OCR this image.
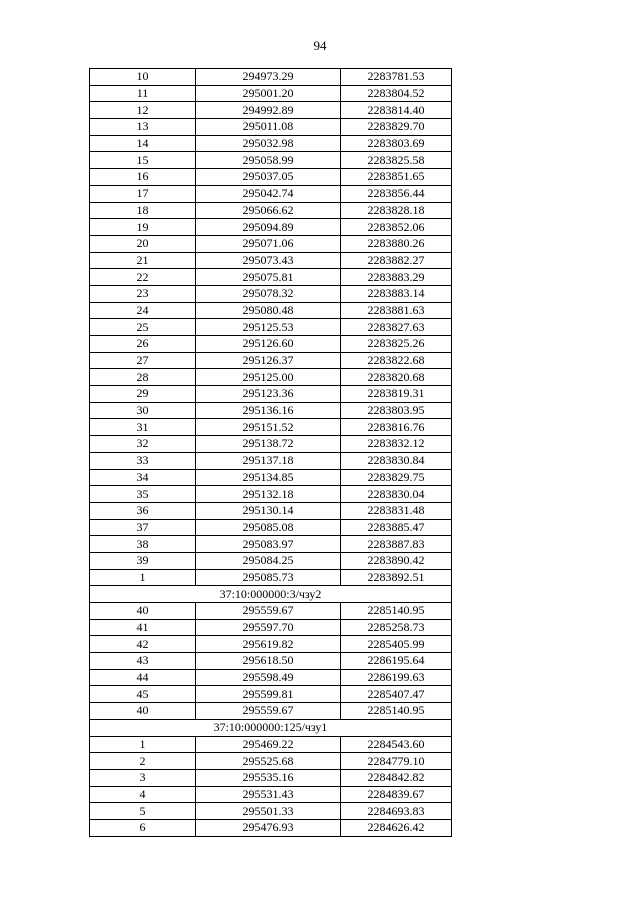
94
10	294973.29	2283781.53
11	295001.20	2283804.52
12	294992.89	2283814.40
13	295011.08	2283829.70
14	295032.98	2283803.69
15	295058.99	2283825.58
16	295037.05	2283851.65
17	295042.74	2283856.44
18	295066.62	2283828.18
19	295094.89	2283852.06
20	295071.06	2283880.26
21	295073.43	2283882.27
22	295075.81	2283883.29
23	295078.32	2283883.14
24	295080.48	2283881.63
25	295125.53	2283827.63
26	295126.60	2283825.26
27	295126.37	2283822.68
28	295125.00	2283820.68
29	295123.36	2283819.31
30	295136.16	2283803.95
31	295151.52	2283816.76
32	295138.72	2283832.12
33	295137.18	2283830.84
34	295134.85	2283829.75
35	295132.18	2283830.04
36	295130.14	2283831.48
37	295085.08	2283885.47
38	295083.97	2283887.83
39	295084.25	2283890.42
1	295085.73	2283892.51
37:10:000000:3/чзу2		
40	295559.67	2285140.95
41	295597.70	2285258.73
42	295619.82	2285405.99
43	295618.50	2286195.64
44	295598.49	2286199.63
45	295599.81	2285407.47
40	295559.67	2285140.95
37:10:000000:125/чзу1		
1	295469.22	2284543.60
2	295525.68	2284779.10
3	295535.16	2284842.82
4	295531.43	2284839.67
5	295501.33	2284693.83
6	295476.93	2284626.42
